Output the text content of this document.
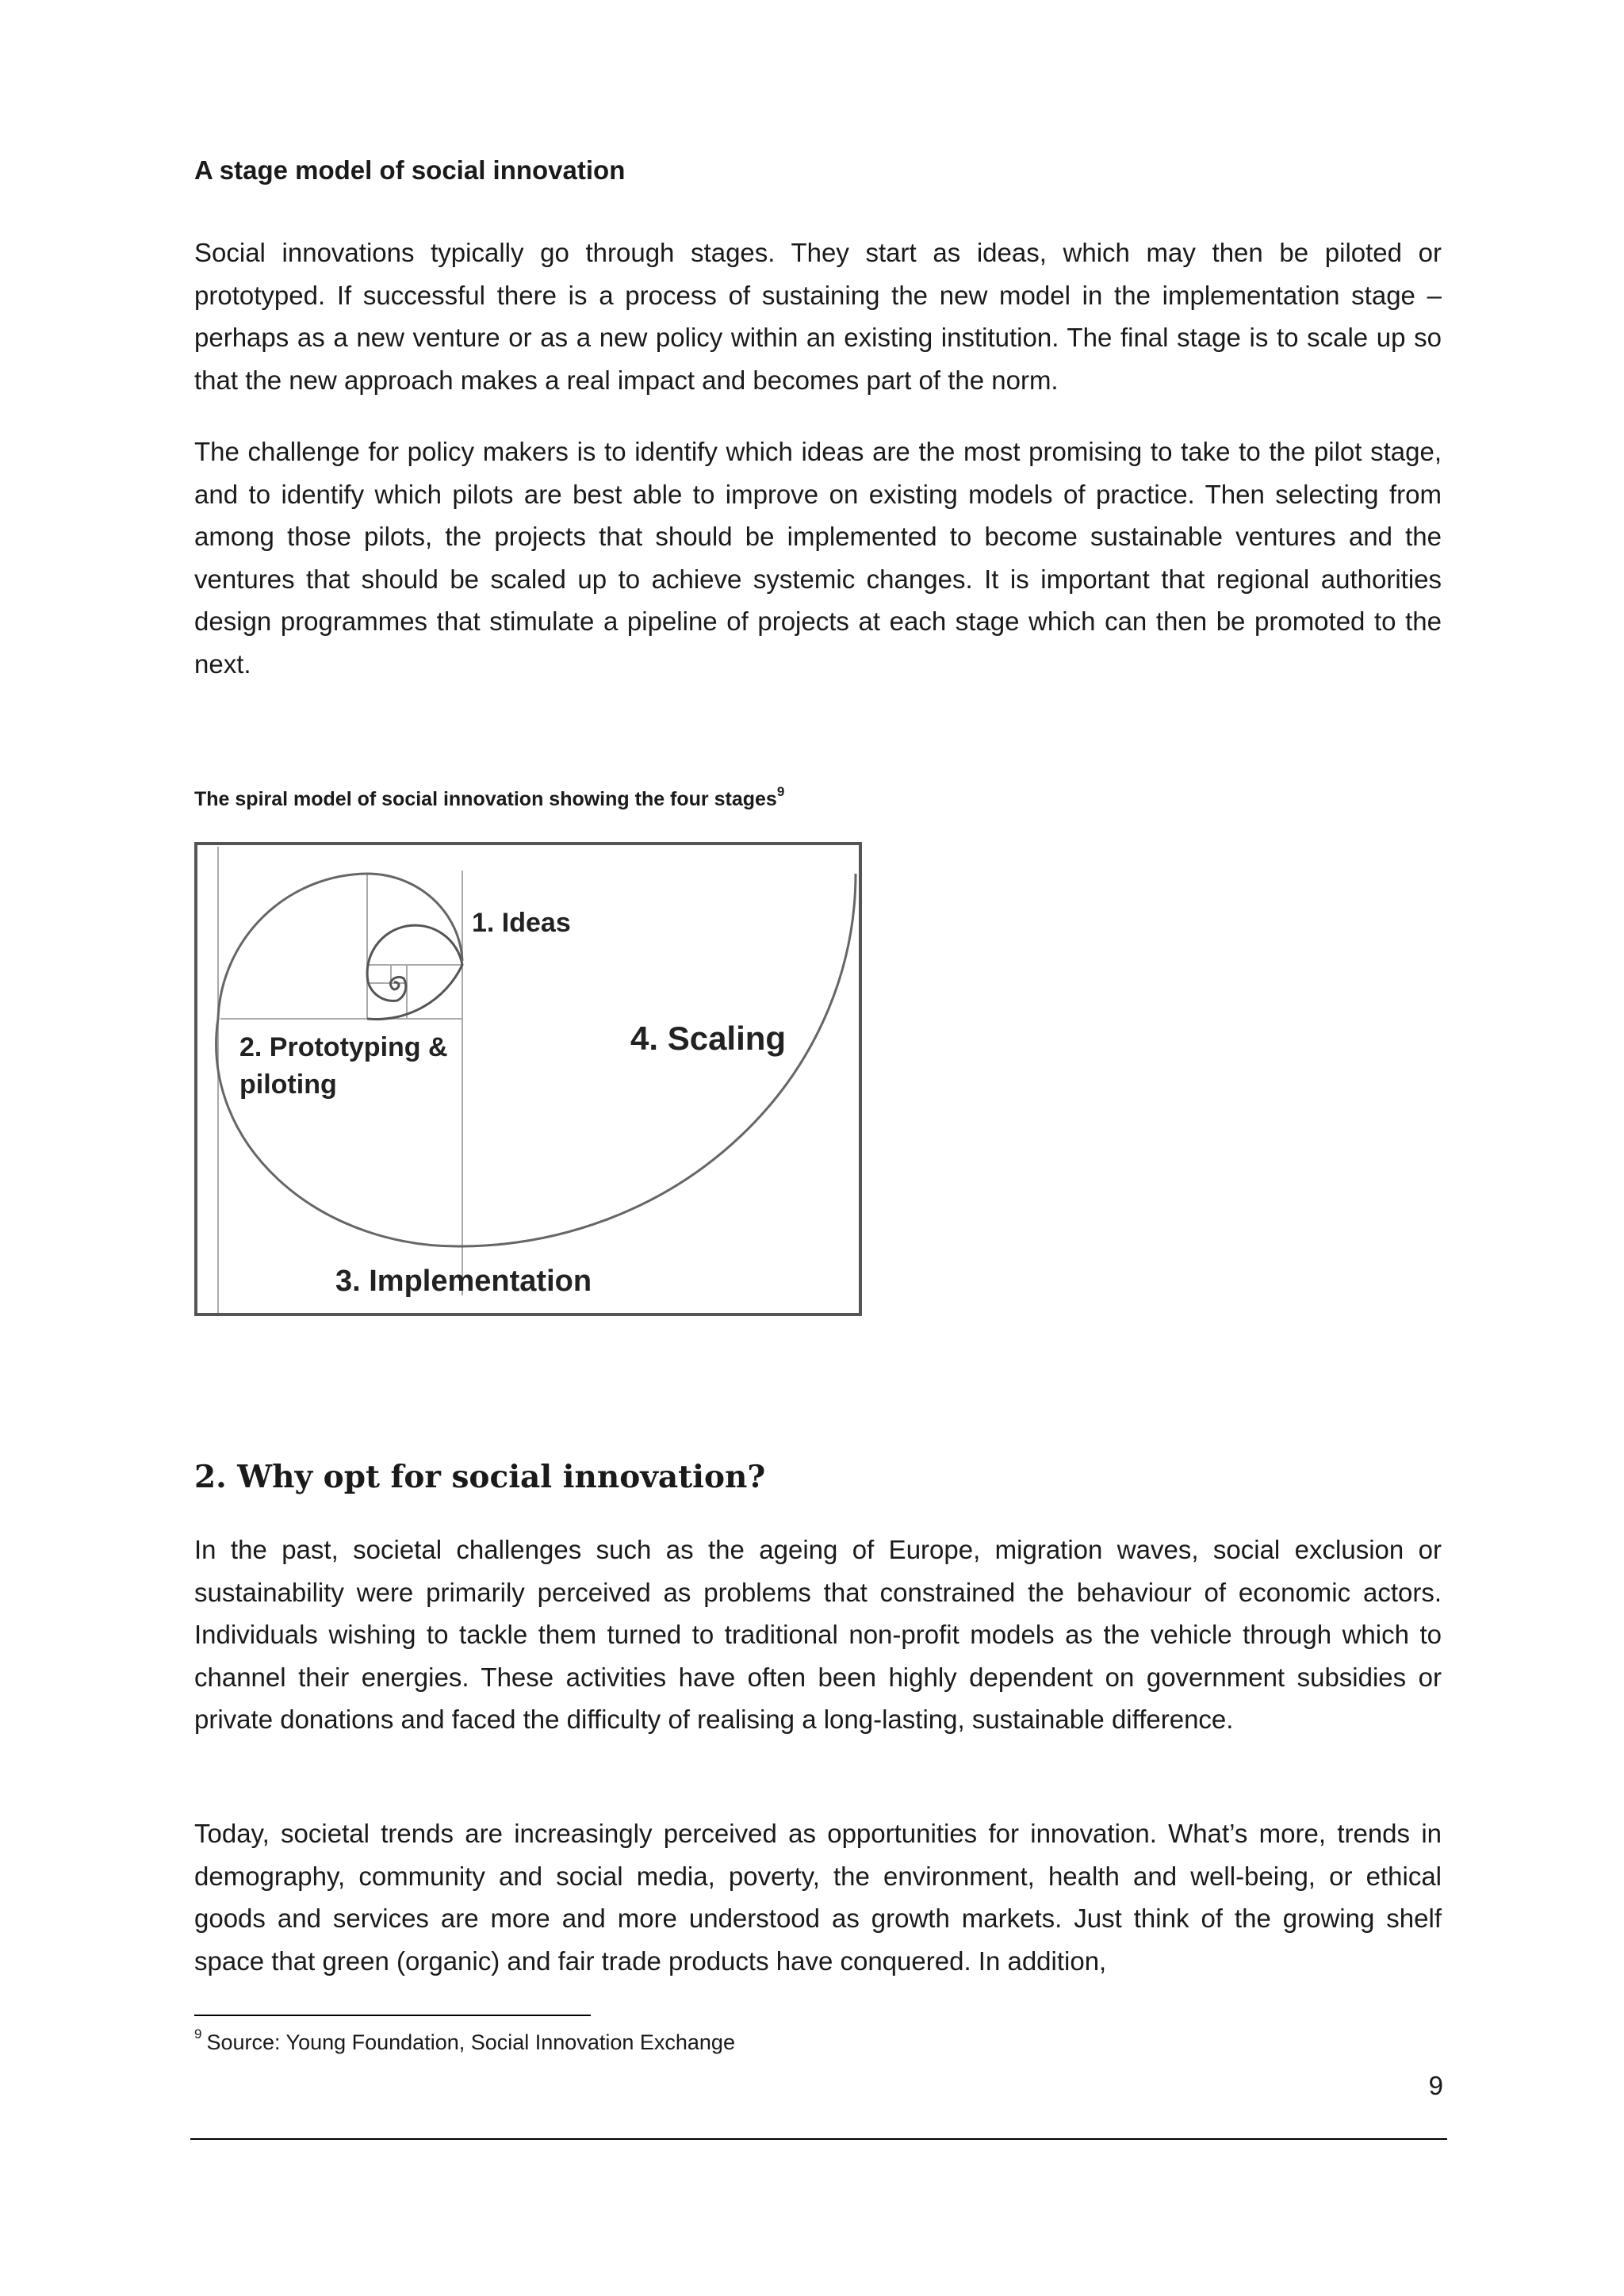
A stage model of social innovation

Social innovations typically go through stages. They start as ideas, which may then be piloted or prototyped. If successful there is a process of sustaining the new model in the implementation stage – perhaps as a new venture or as a new policy within an existing institution. The final stage is to scale up so that the new approach makes a real impact and becomes part of the norm.

The challenge for policy makers is to identify which ideas are the most promising to take to the pilot stage, and to identify which pilots are best able to improve on existing models of practice. Then selecting from among those pilots, the projects that should be implemented to become sustainable ventures and the ventures that should be scaled up to achieve systemic changes. It is important that regional authorities design programmes that stimulate a pipeline of projects at each stage which can then be promoted to the next.

The spiral model of social innovation showing the four stages$^9$

1. Ideas
2. Prototyping &
piloting
4. Scaling
3. Implementation
2. Why opt for social innovation?

In the past, societal challenges such as the ageing of Europe, migration waves, social exclusion or sustainability were primarily perceived as problems that constrained the behaviour of economic actors. Individuals wishing to tackle them turned to traditional non-profit models as the vehicle through which to channel their energies. These activities have often been highly dependent on government subsidies or private donations and faced the difficulty of realising a long-lasting, sustainable difference.

Today, societal trends are increasingly perceived as opportunities for innovation. What’s more, trends in demography, community and social media, poverty, the environment, health and well-being, or ethical goods and services are more and more understood as growth markets. Just think of the growing shelf space that green (organic) and fair trade products have conquered. In addition,

$^9$ Source: Young Foundation, Social Innovation Exchange
9
